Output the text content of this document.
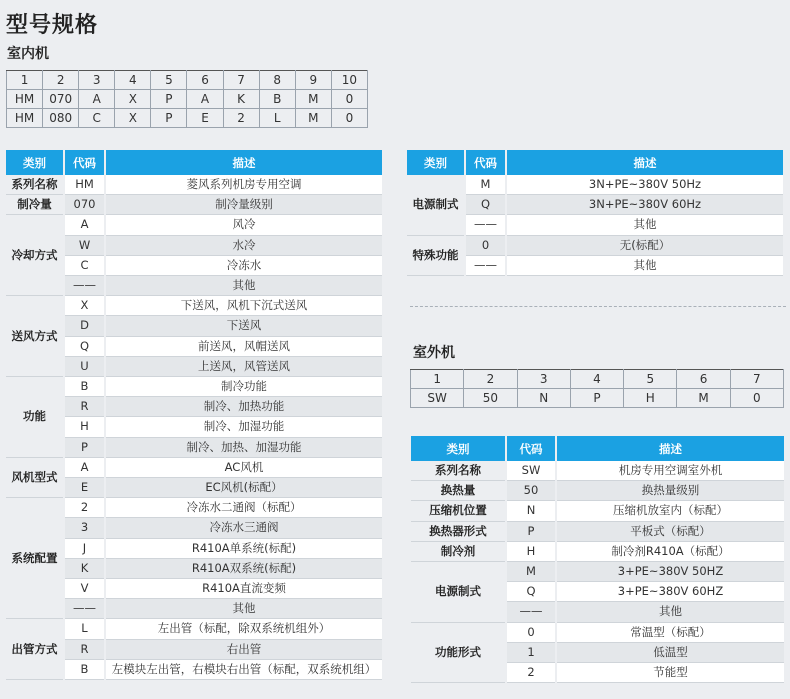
型号规格
室内机
1	2	3	4	5	6	7	8	9	10
HM	070	A	X	P	A	K	B	M	0
HM	080	C	X	P	E	2	L	M	0
类别	代码	描述
系列名称	HM	菱风系列机房专用空调
制冷量	070	制冷量级别
冷却方式	A	风冷
	W	水冷
	C	冷冻水
	——	其他
送风方式	X	下送风，风机下沉式送风
	D	下送风
	Q	前送风，风帽送风
	U	上送风，风管送风
功能	B	制冷功能
	R	制冷、加热功能
	H	制冷、加湿功能
	P	制冷、加热、加湿功能
风机型式	A	AC风机
	E	EC风机(标配）
系统配置	2	冷冻水二通阀（标配）
	3	冷冻水三通阀
	J	R410A单系统(标配)
	K	R410A双系统(标配)
	V	R410A直流变频
	——	其他
出管方式	L	左出管（标配，除双系统机组外）
	R	右出管
	B	左模块左出管，右模块右出管（标配，双系统机组）
类别	代码	描述
电源制式	M	3N+PE~380V 50Hz
	Q	3N+PE~380V 60Hz
	——	其他
特殊功能	0	无(标配）
	——	其他
室外机
1	2	3	4	5	6	7
SW	50	N	P	H	M	0
类别	代码	描述
系列名称	SW	机房专用空调室外机
换热量	50	换热量级别
压缩机位置	N	压缩机放室内（标配）
换热器形式	P	平板式（标配）
制冷剂	H	制冷剂R410A（标配）
电源制式	M	3+PE~380V 50HZ
	Q	3+PE~380V 60HZ
	——	其他
功能形式	0	常温型（标配）
	1	低温型
	2	节能型
